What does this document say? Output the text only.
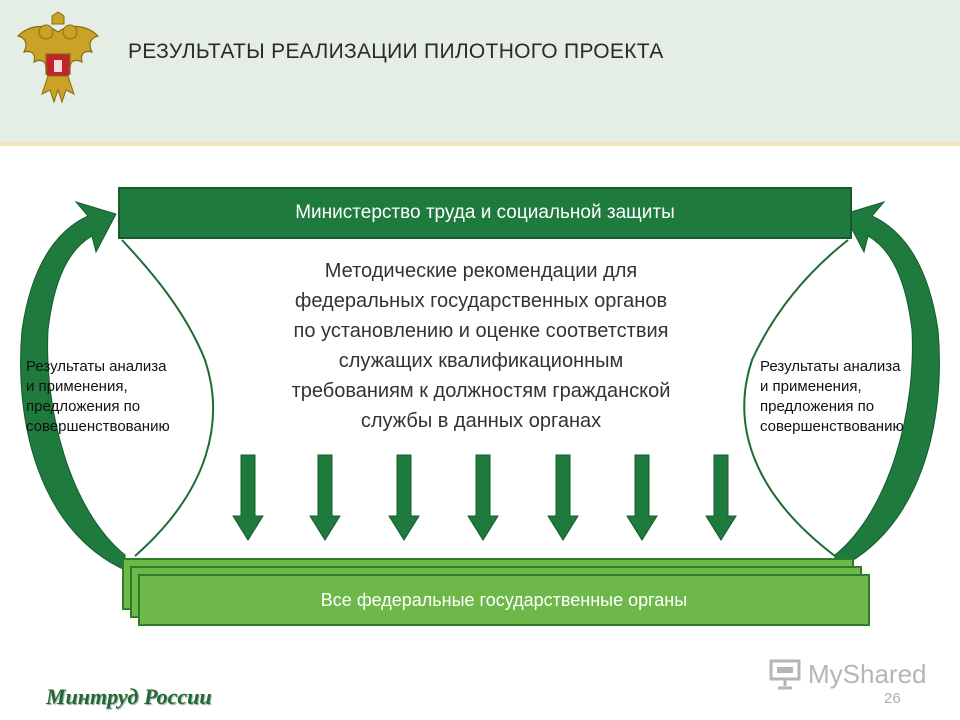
РЕЗУЛЬТАТЫ РЕАЛИЗАЦИИ ПИЛОТНОГО ПРОЕКТА
Министерство труда и социальной защиты
Методические рекомендации для
федеральных государственных органов
по установлению и оценке соответствия
служащих квалификационным
требованиям к должностям гражданской
службы в данных органах
Результаты анализа
и применения,
предложения по
совершенствованию
Результаты анализа
и применения,
предложения по
совершенствованию
Все федеральные государственные органы
Минтруд России
MyShared
26
